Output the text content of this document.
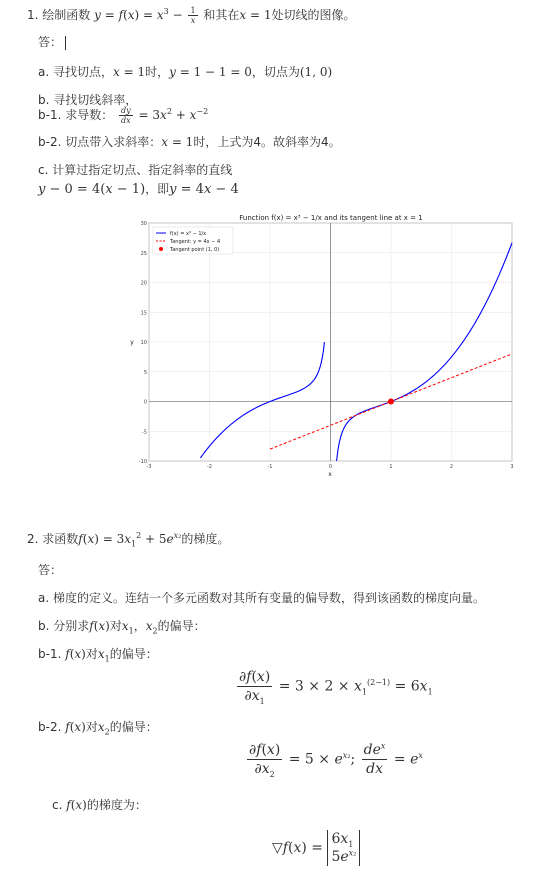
1. 绘制函数 $y = f(x) = x^3 - \frac{1}{x}$ 和其在x = 1处切线的图像。
答：
a. 寻找切点，x = 1时，y = 1 − 1 = 0，切点为(1, 0)
b. 寻找切线斜率，
b-1. 求导数： $\frac{dy}{dx} = 3x^2 + x^{-2}$
b-2. 切点带入求斜率：x = 1时，上式为4。故斜率为4。
c. 计算过指定切点、指定斜率的直线
y − 0 = 4(x − 1)，即y = 4x − 4
Function f(x) = x³ − 1/x and its tangent line at x = 1
-3	-2	-1	0	1	2	3
-10
-5
0
5
10
15
20
25
30
f(x) = x³ − 1/x
Tangent: y = 4x − 4
Tangent point (1, 0)
x
y
2. 求函数$f(x) = 3x_1^2 + 5e^{x_2}$的梯度。
答：
a. 梯度的定义。连结一个多元函数对其所有变量的偏导数，得到该函数的梯度向量。
b. 分别求f(x)对$x_1$，$x_2$的偏导：
b-1. f(x)对$x_1$的偏导：
$\frac{\partial f(x)}{\partial x_1} = 3 \times 2 \times x_1^{(2-1)} = 6x_1$
b-2. f(x)对$x_2$的偏导：
$\frac{\partial f(x)}{\partial x_2} = 5 \times e^{x_2}$; $\frac{de^x}{dx} = e^x$
c. f(x)的梯度为：
▽f(x) =
$6x_1$
$5e^{x_2}$
